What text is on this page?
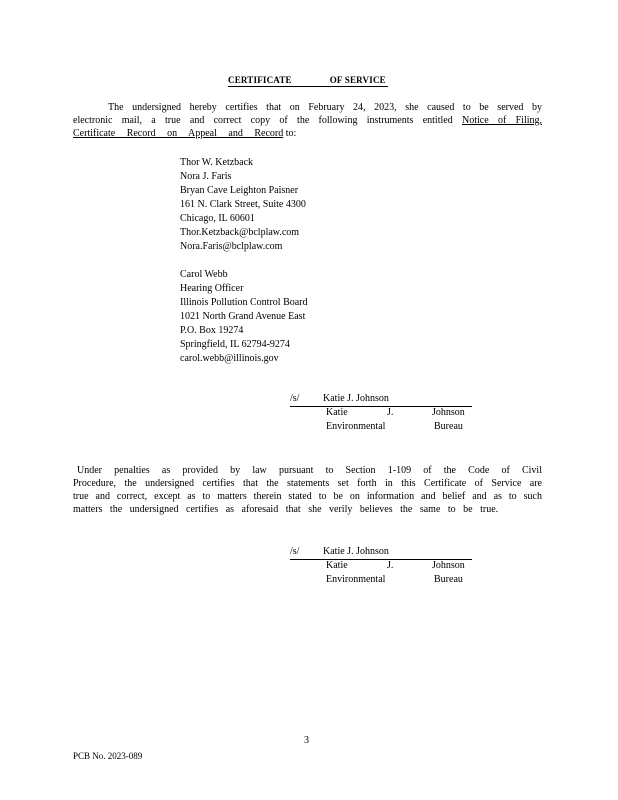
CERTIFICATE	OF SERVICE
The undersigned hereby certifies that on February 24, 2023, she caused to be served by
electronic mail, a true and correct copy of the following instruments entitled Notice of Filing,
Certificate Record on Appeal and Record to:
Thor W. Ketzback
Nora J. Faris
Bryan Cave Leighton Paisner
161 N. Clark Street, Suite 4300
Chicago, IL 60601
Thor.Ketzback@bclplaw.com
Nora.Faris@bclplaw.com
Carol Webb
Hearing Officer
Illinois Pollution Control Board
1021 North Grand Avenue East
P.O. Box 19274
Springfield, IL 62794-9274
carol.webb@illinois.gov
/s/ Katie J. Johnson
Katie	J.	Johnson
Environmental	Bureau
Under penalties as provided by law pursuant to Section 1-109 of the Code of Civil
Procedure, the undersigned certifies that the statements set forth in this Certificate of Service are
true and correct, except as to matters therein stated to be on information and belief and as to such
matters the undersigned certifies as aforesaid that she verily believes the same to be true.
/s/ Katie J. Johnson
Katie	J.	Johnson
Environmental	Bureau
3
PCB No. 2023-089
